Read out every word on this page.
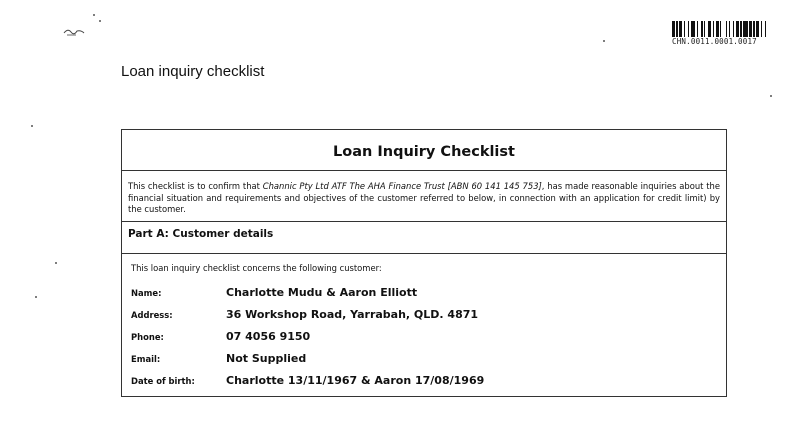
CHN.0011.0001.0017
Loan inquiry checklist
Loan Inquiry Checklist
This checklist is to confirm that Channic Pty Ltd ATF The AHA Finance Trust [ABN 60 141 145 753], has made reasonable inquiries about the financial situation and requirements and objectives of the customer referred to below, in connection with an application for credit limit) by the customer.
Part A: Customer details
This loan inquiry checklist concerns the following customer:
Name:	Charlotte Mudu & Aaron Elliott
Address:	36 Workshop Road, Yarrabah, QLD. 4871
Phone:	07 4056 9150
Email:	Not Supplied
Date of birth:	Charlotte 13/11/1967 & Aaron 17/08/1969
